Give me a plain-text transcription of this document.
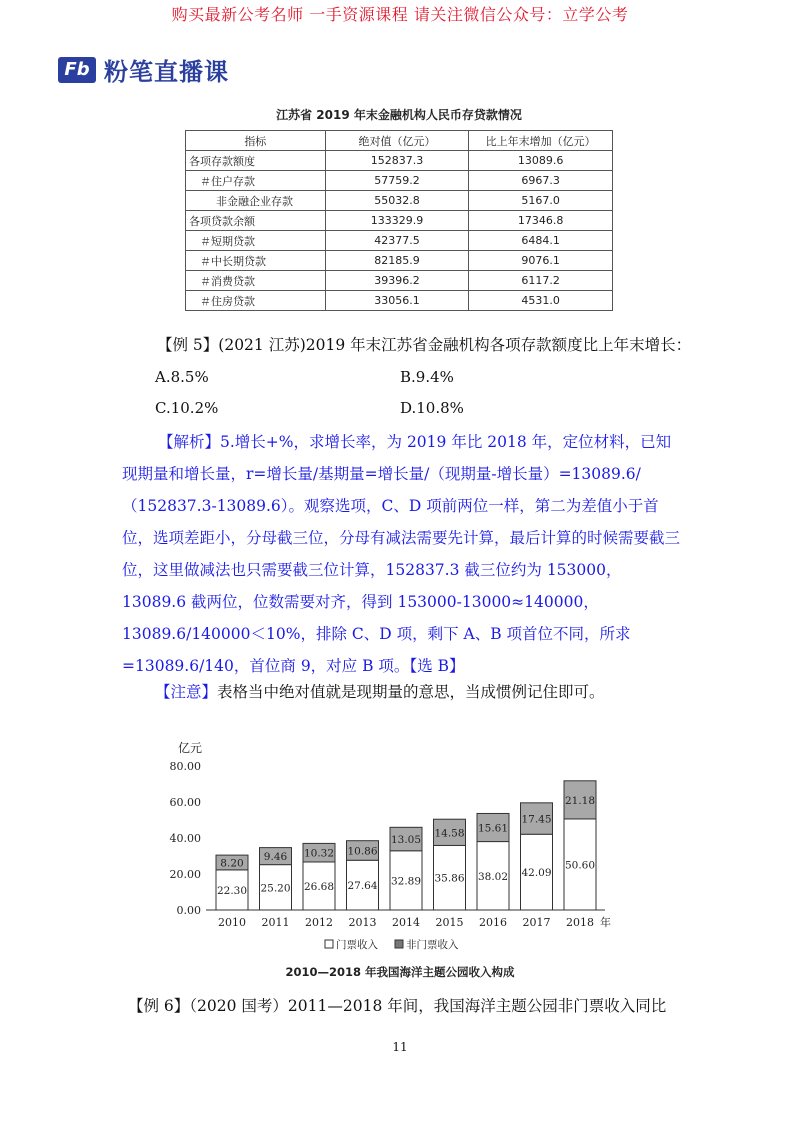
购买最新公考名师 一手资源课程 请关注微信公众号：立学公考
Fb 粉笔直播课
江苏省 2019 年末金融机构人民币存贷款情况
指标	绝对值（亿元）	比上年末增加（亿元）
各项存款额度	152837.3	13089.6
＃住户存款	57759.2	6967.3
非金融企业存款	55032.8	5167.0
各项贷款余额	133329.9	17346.8
＃短期贷款	42377.5	6484.1
＃中长期贷款	82185.9	9076.1
＃消费贷款	39396.2	6117.2
＃住房贷款	33056.1	4531.0
【例 5】(2021 江苏)2019 年末江苏省金融机构各项存款额度比上年末增长：
A.8.5%	B.9.4%
C.10.2%	D.10.8%
【解析】5.增长+%，求增长率，为 2019 年比 2018 年，定位材料，已知现期量和增长量，r=增长量/基期量=增长量/（现期量-增长量）=13089.6/（152837.3-13089.6）。观察选项，C、D 项前两位一样，第二为差值小于首位，选项差距小，分母截三位，分母有减法需要先计算，最后计算的时候需要截三位，这里做减法也只需要截三位计算，152837.3 截三位约为 153000，13089.6 截两位，位数需要对齐，得到 153000-13000≈140000，13089.6/140000＜10%，排除 C、D 项，剩下 A、B 项首位不同，所求=13089.6/140，首位商 9，对应 B 项。【选 B】
【注意】表格当中绝对值就是现期量的意思，当成惯例记住即可。
亿元
0.00
20.00
40.00
60.00
80.00
22.30
8.20
2010
25.20
9.46
2011
26.68
10.32
2012
27.64
10.86
2013
32.89
13.05
2014
35.86
14.58
2015
38.02
15.61
2016
42.09
17.45
2017
50.60
21.18
2018 年
门票收入	非门票收入
2010—2018 年我国海洋主题公园收入构成
【例 6】（2020 国考）2011—2018 年间，我国海洋主题公园非门票收入同比
11
